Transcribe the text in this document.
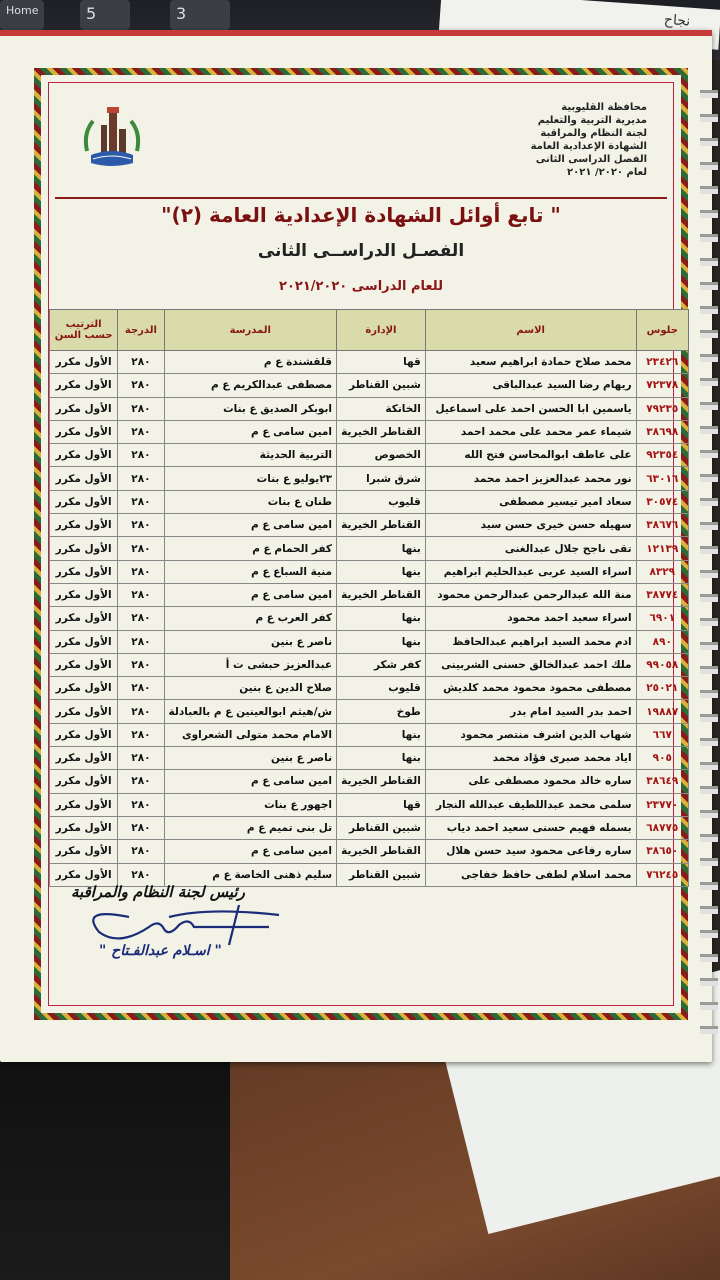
Home	5	3	نجاح
محافظة القليوبية
مديرية التربية والتعليم
لجنة النظام والمراقبة
الشهادة الإعدادية العامة
الفصل الدراسى الثانى
لعام ٢٠٢٠/ ٢٠٢١
" تابع أوائل الشهادة الإعدادية العامة (٢)"
الفصـل الدراســى الثانى
للعام الدراسى ٢٠٢١/٢٠٢٠
جلوس	الاسم	الإدارة	المدرسة	الدرجة	الترتيب حسب السن
٢٣٤٢٦	محمد صلاح حمادة ابراهيم سعيد	قها	قلقشندة ع م	٢٨٠	الأول مكرر
٧٢٣٧٨	ريهام رضا السيد عبدالباقى	شبين القناطر	مصطفى عبدالكريم ع م	٢٨٠	الأول مكرر
٧٩٢٣٥	ياسمين ابا الحسن احمد على اسماعيل	الخانكة	ابوبكر الصديق ع بنات	٢٨٠	الأول مكرر
٣٨٦٩٨	شيماء عمر محمد على محمد احمد	القناطر الخيرية	امين سامى ع م	٢٨٠	الأول مكرر
٩٢٣٥٤	على عاطف ابوالمحاسن فتح الله	الخصوص	التربية الحديثة	٢٨٠	الأول مكرر
٦٣٠١٦	نور محمد عبدالعزيز احمد محمد	شرق شبرا	٢٣يوليو ع بنات	٢٨٠	الأول مكرر
٣٠٥٧٤	سعاد امير تيسير مصطفى	قليوب	طنان ع بنات	٢٨٠	الأول مكرر
٣٨٦٧٦	سهيله حسن خيرى حسن سيد	القناطر الخيرية	امين سامى ع م	٢٨٠	الأول مكرر
١٢١٣٩	تقى ناجح جلال عبدالغنى	بنها	كفر الحمام ع م	٢٨٠	الأول مكرر
٨٣٢٩	اسراء السيد عربى عبدالحليم ابراهيم	بنها	منية السباع ع م	٢٨٠	الأول مكرر
٣٨٧٧٤	منة الله عبدالرحمن عبدالرحمن محمود	القناطر الخيرية	امين سامى ع م	٢٨٠	الأول مكرر
٦٩٠١	اسراء سعيد احمد محمود	بنها	كفر العرب ع م	٢٨٠	الأول مكرر
٨٩٠	ادم محمد السيد ابراهيم عبدالحافظ	بنها	ناصر ع بنين	٢٨٠	الأول مكرر
٩٩٠٥٨	ملك احمد عبدالخالق حسنى الشربينى	كفر شكر	عبدالعزيز حبشى ت أ	٢٨٠	الأول مكرر
٢٥٠٢١	مصطفى محمود محمود محمد كلديش	قليوب	صلاح الدين ع بنين	٢٨٠	الأول مكرر
١٩٨٨٧	احمد بدر السيد امام بدر	طوخ	ش/هيثم ابوالعينين ع م بالعبادلة	٢٨٠	الأول مكرر
٦٦٧	شهاب الدين اشرف منتصر محمود	بنها	الامام محمد متولى الشعراوى	٢٨٠	الأول مكرر
٩٠٥	اياد محمد صبرى فؤاد محمد	بنها	ناصر ع بنين	٢٨٠	الأول مكرر
٣٨٦٤٩	ساره خالد محمود مصطفى على	القناطر الخيرية	امين سامى ع م	٢٨٠	الأول مكرر
٢٣٧٧٠	سلمى محمد عبداللطيف عبدالله النجار	قها	اجهور ع بنات	٢٨٠	الأول مكرر
٦٨٧٧٥	بسمله فهيم حسنى سعيد احمد دياب	شبين القناطر	تل بنى تميم ع م	٢٨٠	الأول مكرر
٣٨٦٥٠	ساره رفاعى محمود سيد حسن هلال	القناطر الخيرية	امين سامى ع م	٢٨٠	الأول مكرر
٧٦٢٤٥	محمد اسلام لطفى حافظ خفاجى	شبين القناطر	سليم ذهنى الخاصة ع م	٢٨٠	الأول مكرر
رئيس لجنة النظام والمراقبة
" اسـلام عبدالفـتاح "
